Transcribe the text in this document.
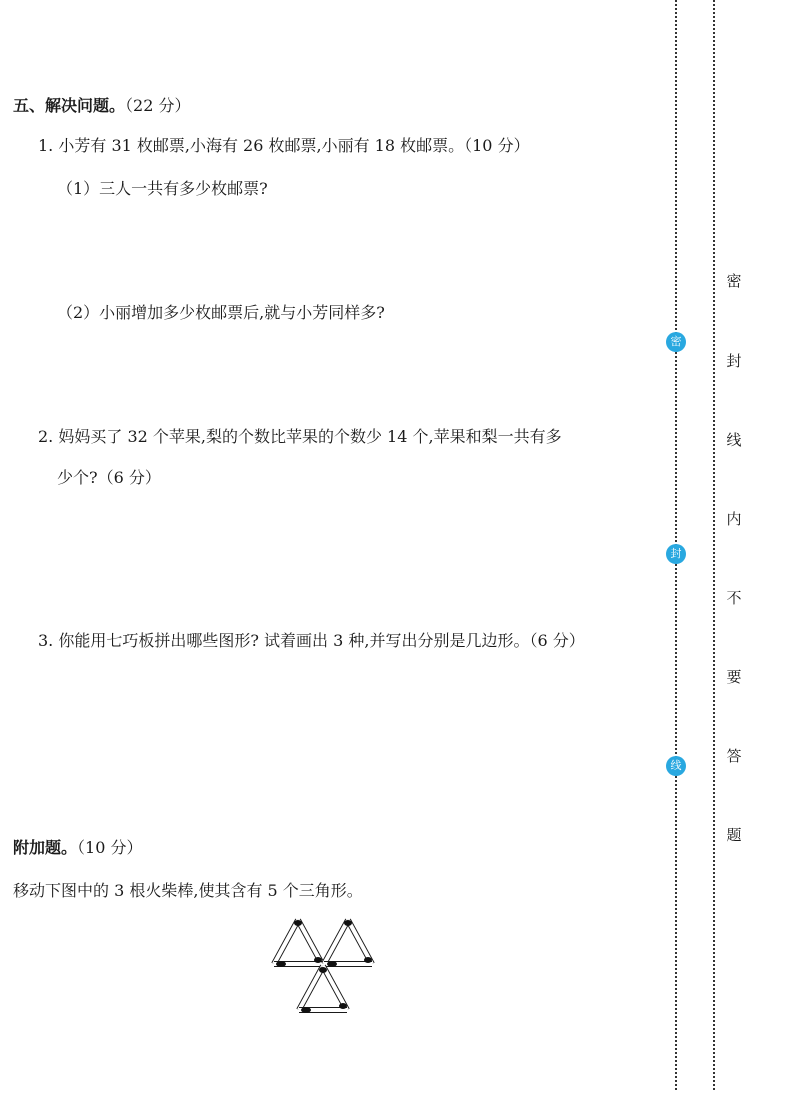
五、解决问题。（22 分）
1. 小芳有 31 枚邮票,小海有 26 枚邮票,小丽有 18 枚邮票。（10 分）
（1）三人一共有多少枚邮票?
（2）小丽增加多少枚邮票后,就与小芳同样多?
2. 妈妈买了 32 个苹果,梨的个数比苹果的个数少 14 个,苹果和梨一共有多
少个?（6 分）
3. 你能用七巧板拼出哪些图形? 试着画出 3 种,并写出分别是几边形。（6 分）
附加题。（10 分）
移动下图中的 3 根火柴棒,使其含有 5 个三角形。
密
封
线
密
封
线
内
不
要
答
题
